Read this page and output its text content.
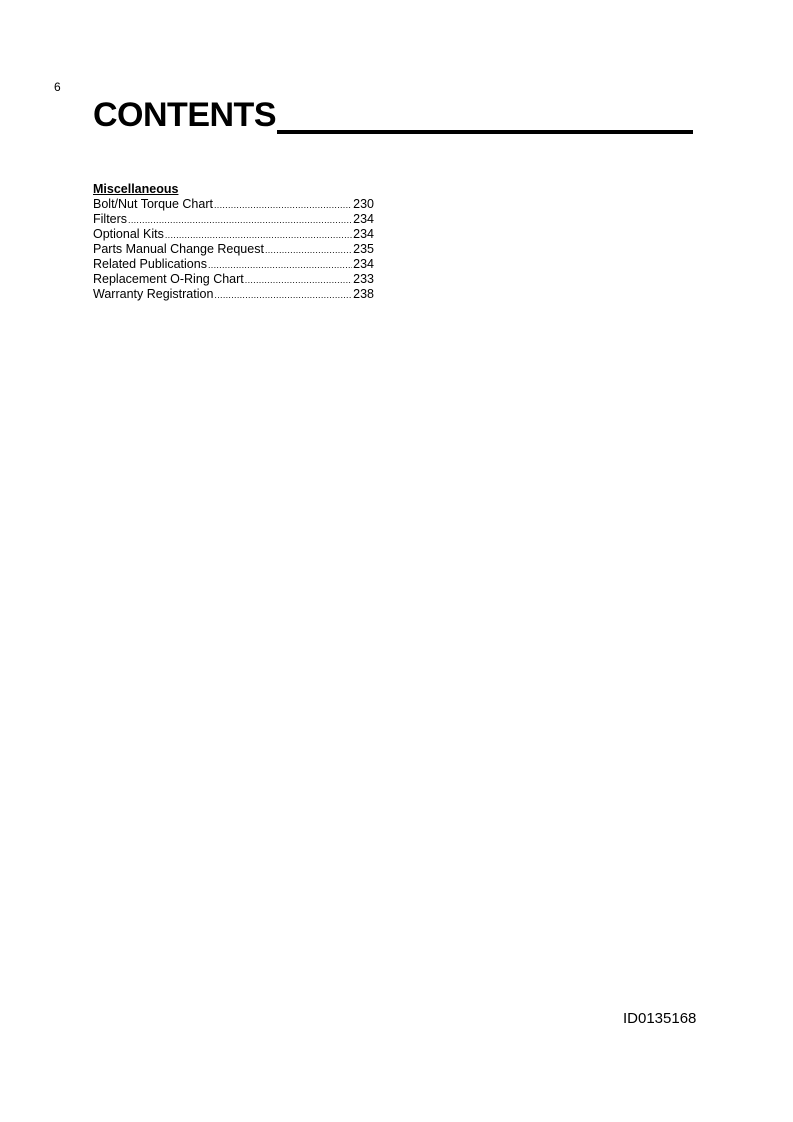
6
CONTENTS
Miscellaneous
Bolt/Nut Torque Chart .....	230
Filters .....	234
Optional Kits .....	234
Parts Manual Change Request .....	235
Related Publications .....	234
Replacement O-Ring Chart .....	233
Warranty Registration .....	238
ID0135168
